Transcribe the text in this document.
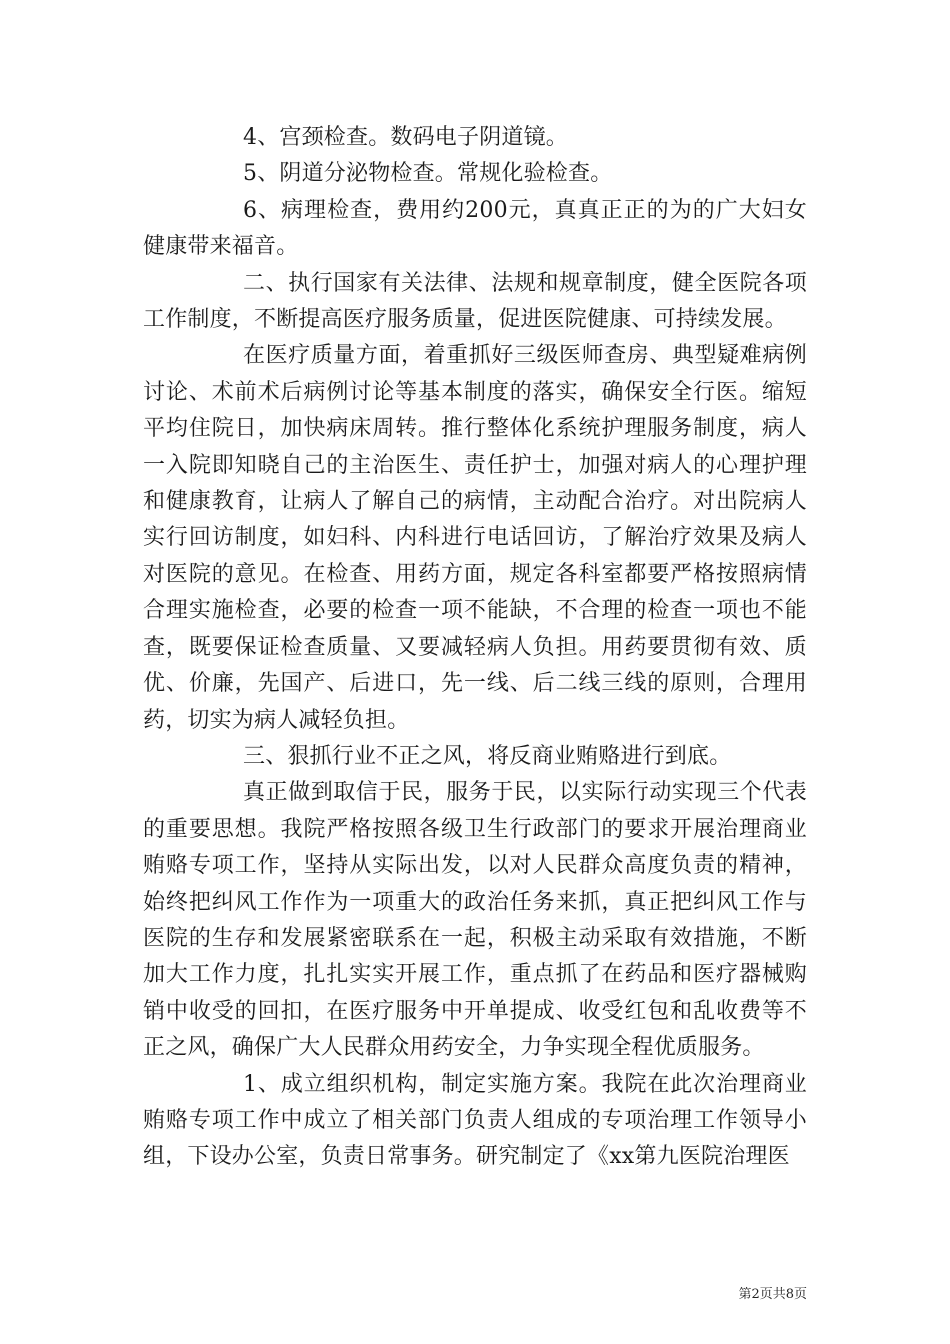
4、宫颈检查。数码电子阴道镜。

5、阴道分泌物检查。常规化验检查。

6、病理检查，费用约200元，真真正正的为的广大妇女健康带来福音。

二、执行国家有关法律、法规和规章制度，健全医院各项工作制度，不断提高医疗服务质量，促进医院健康、可持续发展。

在医疗质量方面，着重抓好三级医师查房、典型疑难病例讨论、术前术后病例讨论等基本制度的落实，确保安全行医。缩短平均住院日，加快病床周转。推行整体化系统护理服务制度，病人一入院即知晓自己的主治医生、责任护士，加强对病人的心理护理和健康教育，让病人了解自己的病情，主动配合治疗。对出院病人实行回访制度，如妇科、内科进行电话回访，了解治疗效果及病人对医院的意见。在检查、用药方面，规定各科室都要严格按照病情合理实施检查，必要的检查一项不能缺，不合理的检查一项也不能查，既要保证检查质量、又要减轻病人负担。用药要贯彻有效、质优、价廉，先国产、后进口，先一线、后二线三线的原则，合理用药，切实为病人减轻负担。

三、狠抓行业不正之风，将反商业贿赂进行到底。

真正做到取信于民，服务于民，以实际行动实现三个代表的重要思想。我院严格按照各级卫生行政部门的要求开展治理商业贿赂专项工作，坚持从实际出发，以对人民群众高度负责的精神，始终把纠风工作作为一项重大的政治任务来抓，真正把纠风工作与医院的生存和发展紧密联系在一起，积极主动采取有效措施，不断加大工作力度，扎扎实实开展工作，重点抓了在药品和医疗器械购销中收受的回扣，在医疗服务中开单提成、收受红包和乱收费等不正之风，确保广大人民群众用药安全，力争实现全程优质服务。

1、成立组织机构，制定实施方案。我院在此次治理商业贿赂专项工作中成立了相关部门负责人组成的专项治理工作领导小组，下设办公室，负责日常事务。研究制定了《xx第九医院治理医

第2页共8页
